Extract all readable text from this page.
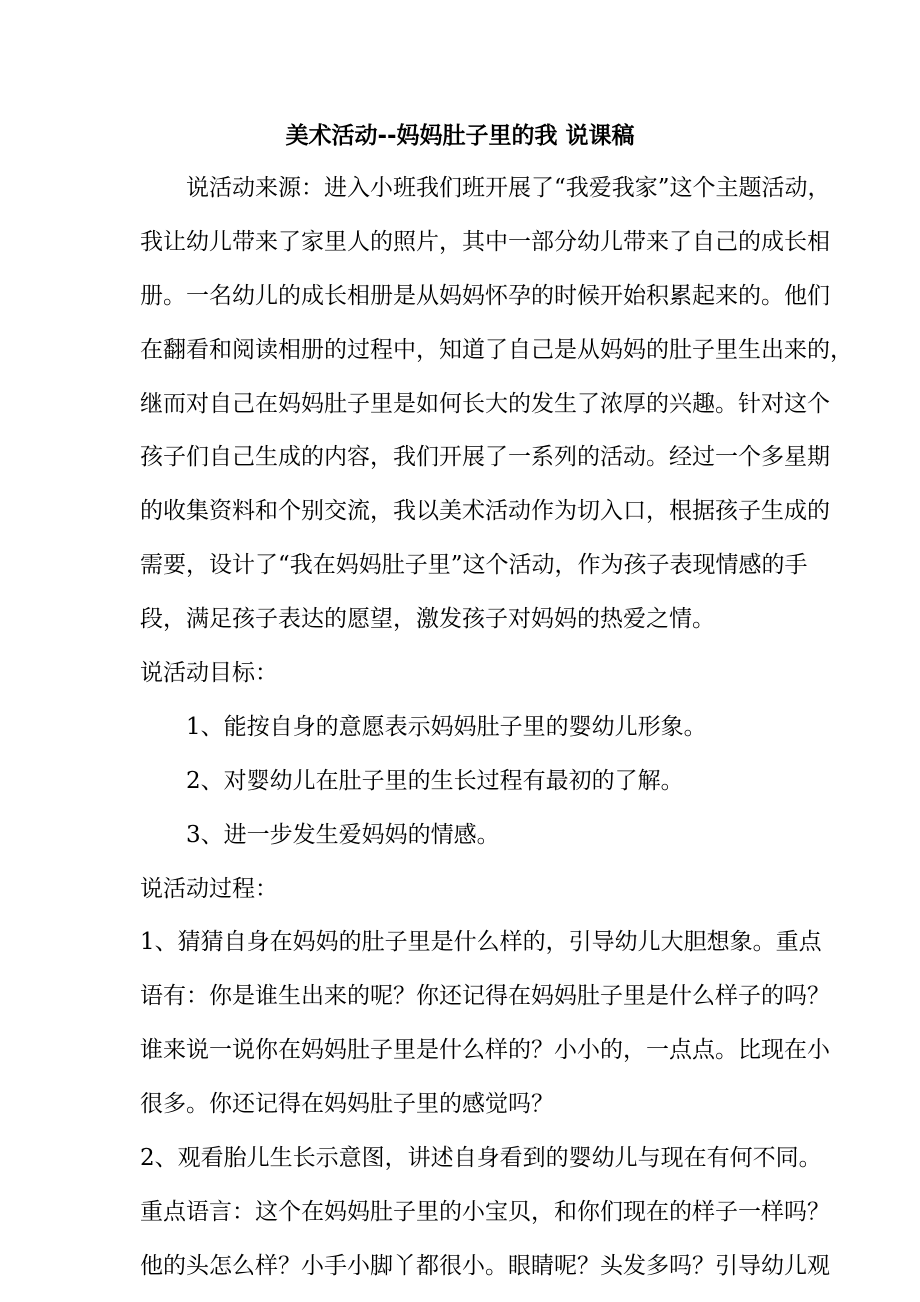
美术活动--妈妈肚子里的我 说课稿
说活动来源：进入小班我们班开展了“我爱我家”这个主题活动，
我让幼儿带来了家里人的照片，其中一部分幼儿带来了自己的成长相
册。一名幼儿的成长相册是从妈妈怀孕的时候开始积累起来的。他们
在翻看和阅读相册的过程中，知道了自己是从妈妈的肚子里生出来的，
继而对自己在妈妈肚子里是如何长大的发生了浓厚的兴趣。针对这个
孩子们自己生成的内容，我们开展了一系列的活动。经过一个多星期
的收集资料和个别交流，我以美术活动作为切入口，根据孩子生成的
需要，设计了“我在妈妈肚子里”这个活动，作为孩子表现情感的手
段，满足孩子表达的愿望，激发孩子对妈妈的热爱之情。
说活动目标：
1、能按自身的意愿表示妈妈肚子里的婴幼儿形象。
2、对婴幼儿在肚子里的生长过程有最初的了解。
3、进一步发生爱妈妈的情感。
说活动过程：
1、猜猜自身在妈妈的肚子里是什么样的，引导幼儿大胆想象。重点
语有：你是谁生出来的呢？你还记得在妈妈肚子里是什么样子的吗？
谁来说一说你在妈妈肚子里是什么样的？小小的，一点点。比现在小
很多。你还记得在妈妈肚子里的感觉吗？
2、观看胎儿生长示意图，讲述自身看到的婴幼儿与现在有何不同。
重点语言：这个在妈妈肚子里的小宝贝，和你们现在的样子一样吗？
他的头怎么样？小手小脚丫都很小。眼睛呢？头发多吗？引导幼儿观
